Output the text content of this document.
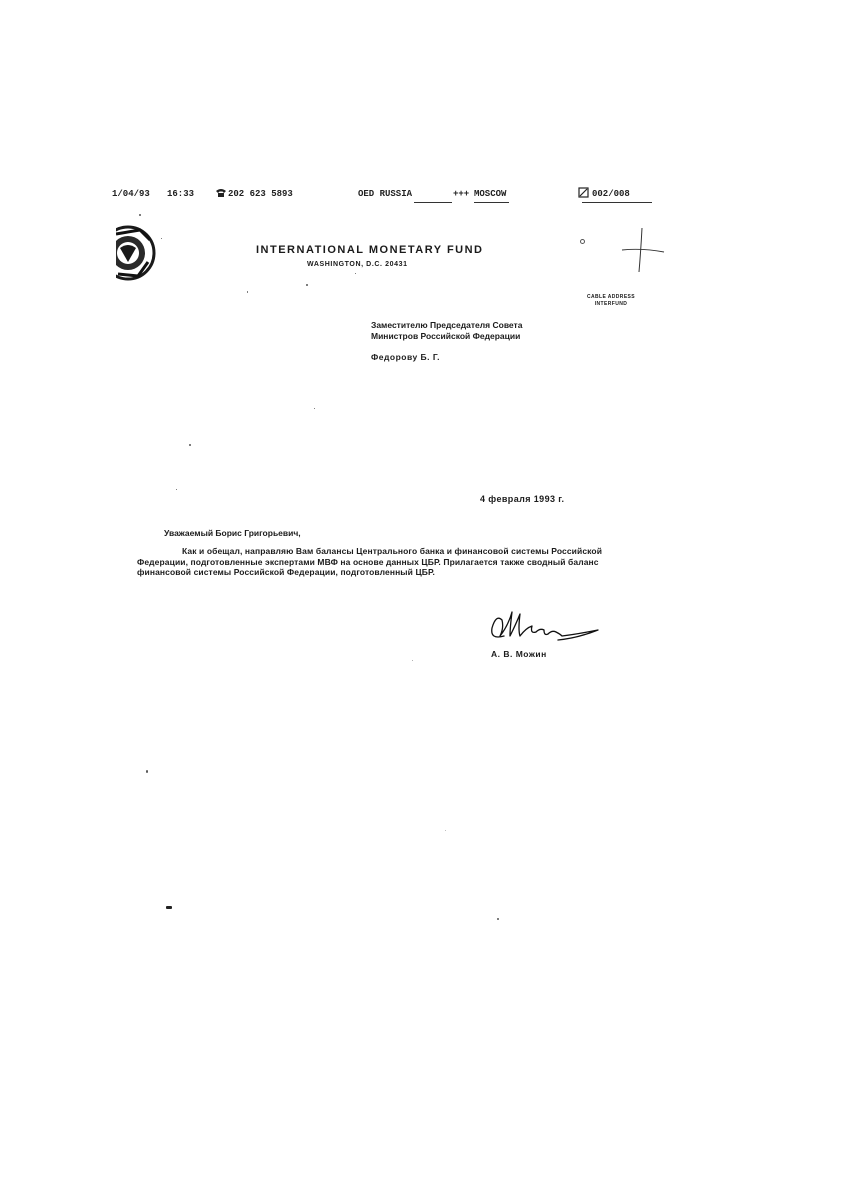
1/04/93 16:33	202 623 5893	OED RUSSIA	+++ MOSCOW	002/008
INTERNATIONAL MONETARY FUND
WASHINGTON, D.C. 20431
CABLE ADDRESS
INTERFUND
Заместителю Председателя Совета
Министров Российской Федерации
Федорову Б. Г.
4 февраля 1993 г.
Уважаемый Борис Григорьевич,
Как и обещал, направляю Вам балансы Центрального банка и финансовой системы Российской Федерации, подготовленные экспертами МВФ на основе данных ЦБР. Прилагается также сводный баланс финансовой системы Российской Федерации, подготовленный ЦБР.
А. В. Можин
